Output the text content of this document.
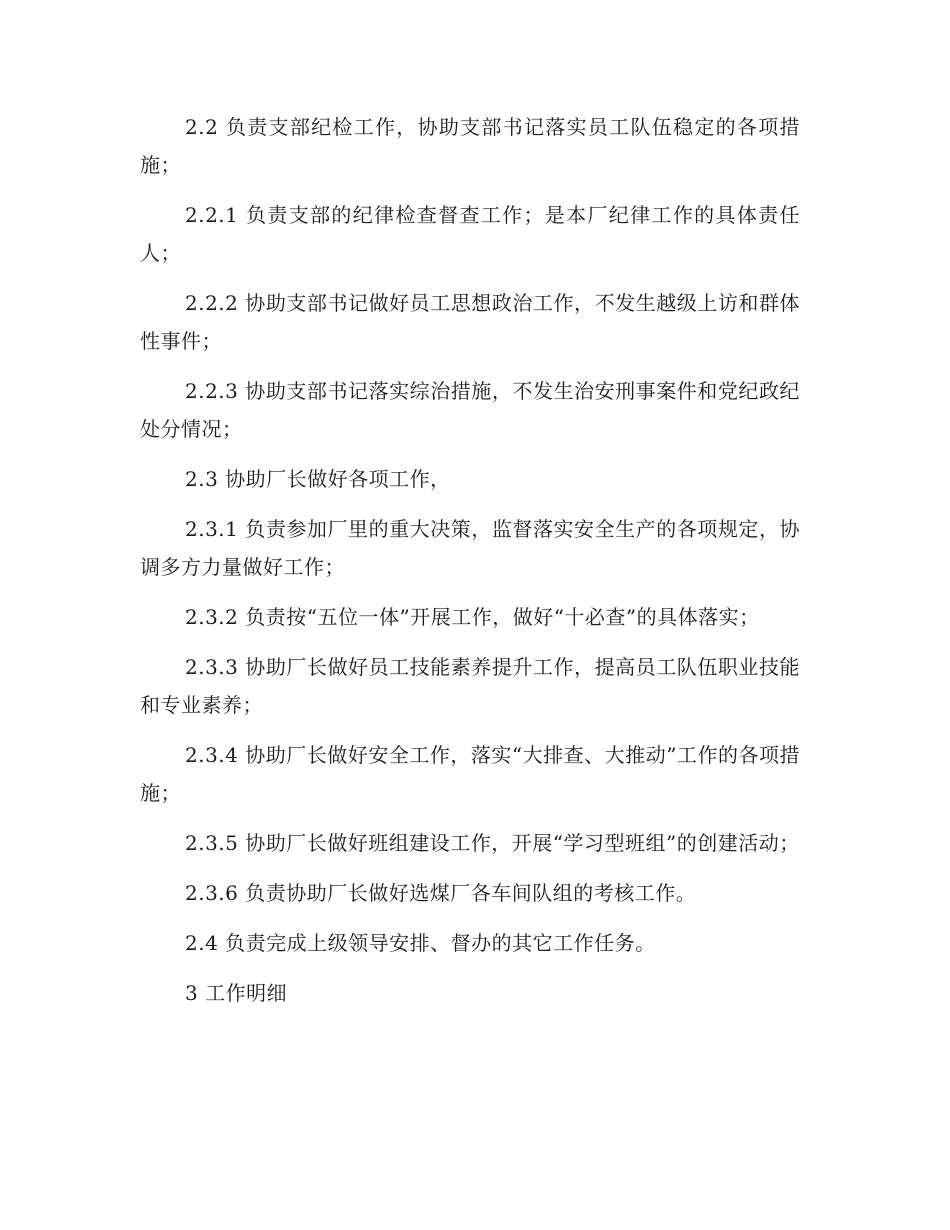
2.2 负责支部纪检工作，协助支部书记落实员工队伍稳定的各项措施；

2.2.1 负责支部的纪律检查督查工作；是本厂纪律工作的具体责任人；

2.2.2 协助支部书记做好员工思想政治工作，不发生越级上访和群体性事件；

2.2.3 协助支部书记落实综治措施，不发生治安刑事案件和党纪政纪处分情况；

2.3 协助厂长做好各项工作，

2.3.1 负责参加厂里的重大决策，监督落实安全生产的各项规定，协调多方力量做好工作；

2.3.2 负责按“五位一体”开展工作，做好“十必查”的具体落实；

2.3.3 协助厂长做好员工技能素养提升工作，提高员工队伍职业技能和专业素养；

2.3.4 协助厂长做好安全工作，落实“大排查、大推动”工作的各项措施；

2.3.5 协助厂长做好班组建设工作，开展“学习型班组”的创建活动；

2.3.6 负责协助厂长做好选煤厂各车间队组的考核工作。

2.4 负责完成上级领导安排、督办的其它工作任务。

3 工作明细
